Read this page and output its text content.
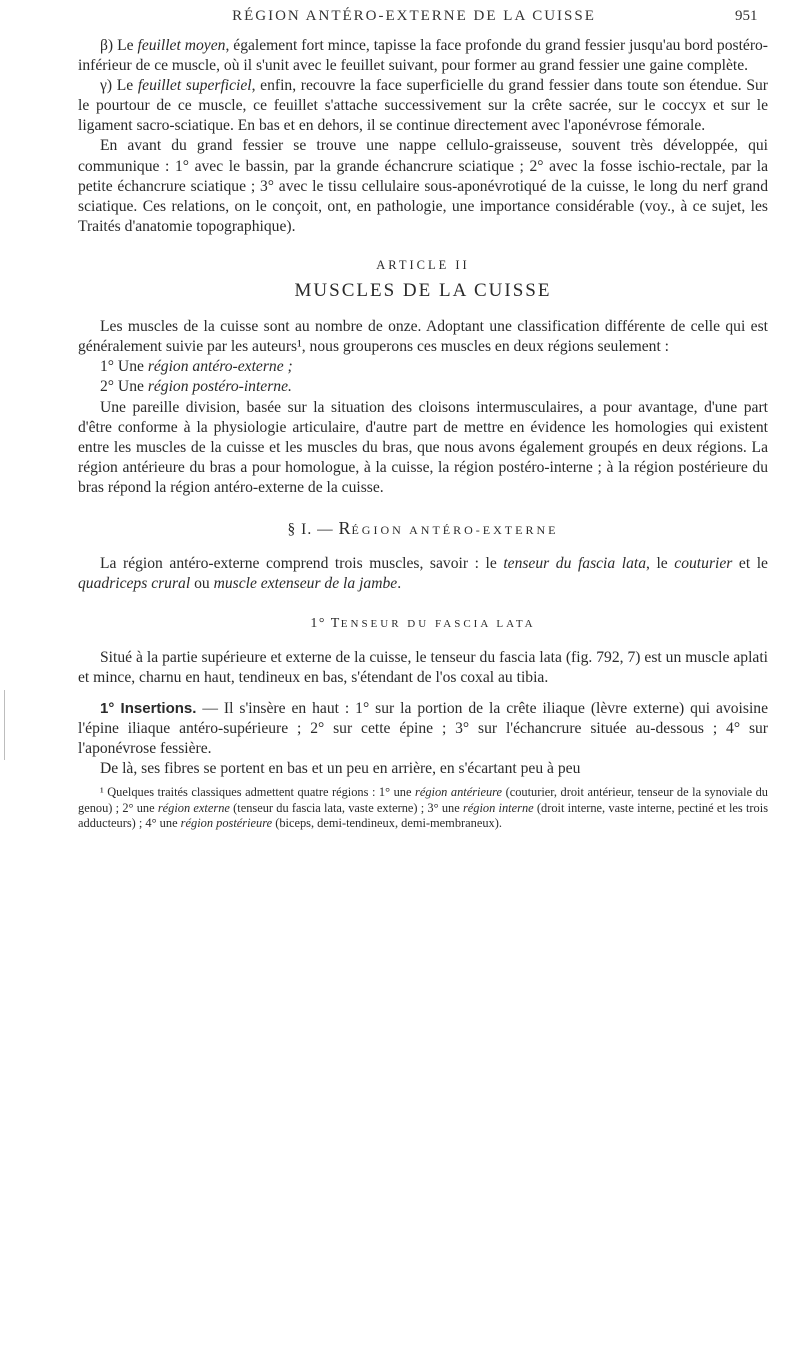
RÉGION ANTÉRO-EXTERNE DE LA CUISSE	951

β) Le feuillet moyen, également fort mince, tapisse la face profonde du grand fessier jusqu'au bord postéro-inférieur de ce muscle, où il s'unit avec le feuillet suivant, pour former au grand fessier une gaine complète.

γ) Le feuillet superficiel, enfin, recouvre la face superficielle du grand fessier dans toute son étendue. Sur le pourtour de ce muscle, ce feuillet s'attache successivement sur la crête sacrée, sur le coccyx et sur le ligament sacro-sciatique. En bas et en dehors, il se continue directement avec l'aponévrose fémorale.

En avant du grand fessier se trouve une nappe cellulo-graisseuse, souvent très développée, qui communique : 1° avec le bassin, par la grande échancrure sciatique ; 2° avec la fosse ischio-rectale, par la petite échancrure sciatique ; 3° avec le tissu cellulaire sous-aponévrotiqué de la cuisse, le long du nerf grand sciatique. Ces relations, on le conçoit, ont, en pathologie, une importance considérable (voy., à ce sujet, les Traités d'anatomie topographique).

ARTICLE II

MUSCLES DE LA CUISSE

Les muscles de la cuisse sont au nombre de onze. Adoptant une classification différente de celle qui est généralement suivie par les auteurs¹, nous grouperons ces muscles en deux régions seulement :

1° Une région antéro-externe ;

2° Une région postéro-interne.

Une pareille division, basée sur la situation des cloisons intermusculaires, a pour avantage, d'une part d'être conforme à la physiologie articulaire, d'autre part de mettre en évidence les homologies qui existent entre les muscles de la cuisse et les muscles du bras, que nous avons également groupés en deux régions. La région antérieure du bras a pour homologue, à la cuisse, la région postéro-interne ; à la région postérieure du bras répond la région antéro-externe de la cuisse.

§ I. — RÉGION ANTÉRO-EXTERNE

La région antéro-externe comprend trois muscles, savoir : le tenseur du fascia lata, le couturier et le quadriceps crural ou muscle extenseur de la jambe.

1° TENSEUR DU FASCIA LATA

Situé à la partie supérieure et externe de la cuisse, le tenseur du fascia lata (fig. 792, 7) est un muscle aplati et mince, charnu en haut, tendineux en bas, s'étendant de l'os coxal au tibia.

1° Insertions. — Il s'insère en haut : 1° sur la portion de la crête iliaque (lèvre externe) qui avoisine l'épine iliaque antéro-supérieure ; 2° sur cette épine ; 3° sur l'échancrure située au-dessous ; 4° sur l'aponévrose fessière.

De là, ses fibres se portent en bas et un peu en arrière, en s'écartant peu à peu

¹ Quelques traités classiques admettent quatre régions : 1° une région antérieure (couturier, droit antérieur, tenseur de la synoviale du genou) ; 2° une région externe (tenseur du fascia lata, vaste externe) ; 3° une région interne (droit interne, vaste interne, pectiné et les trois adducteurs) ; 4° une région postérieure (biceps, demi-tendineux, demi-membraneux).
